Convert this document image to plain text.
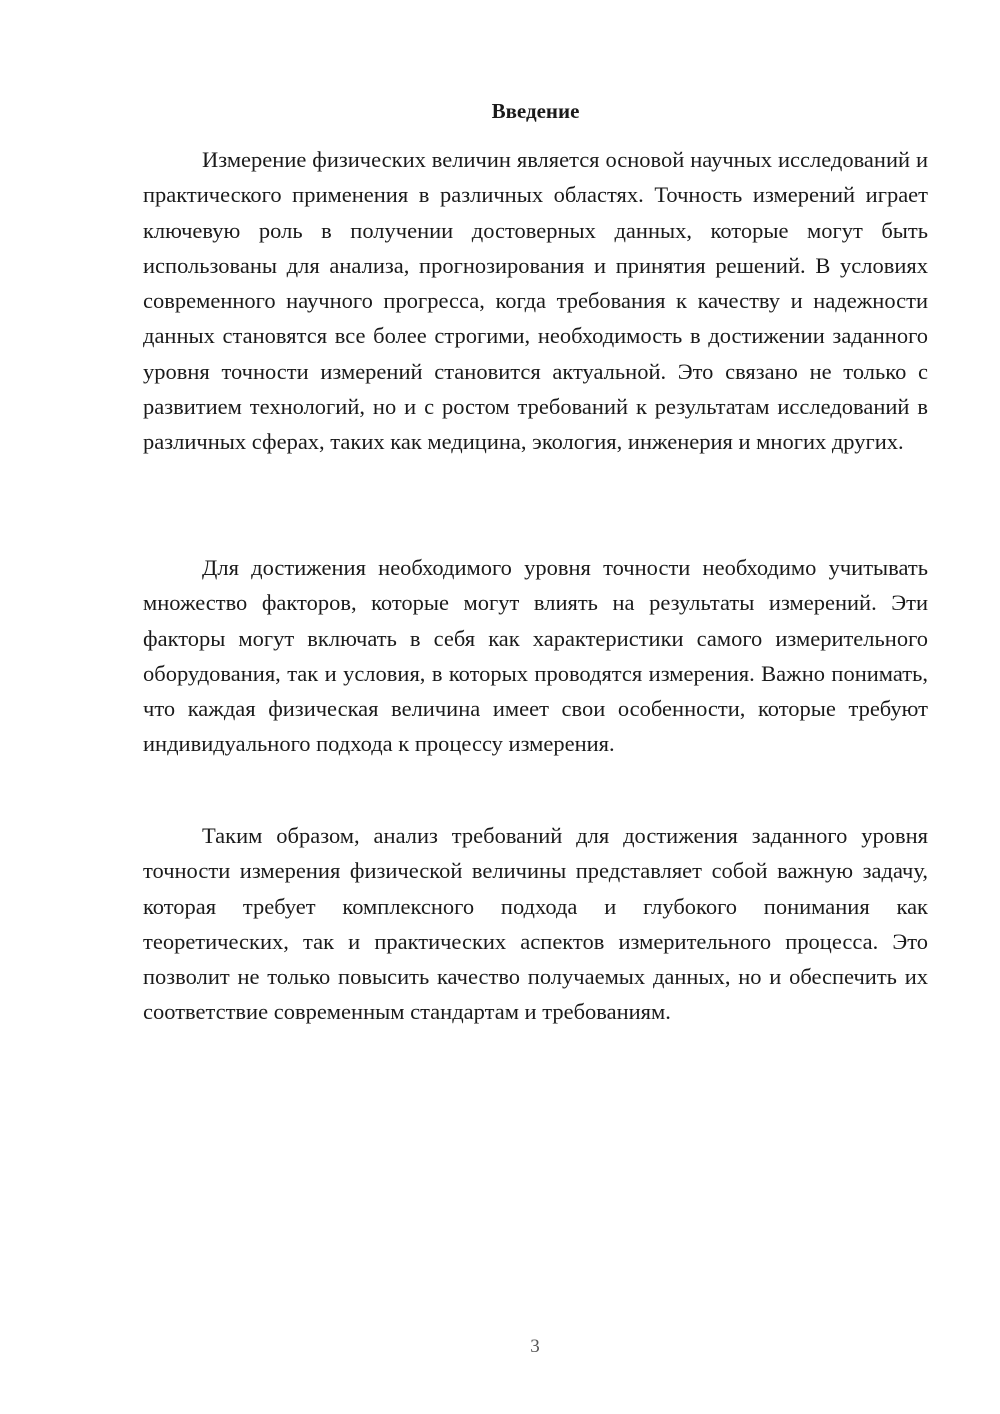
Введение

Измерение физических величин является основой научных исследований и практического применения в различных областях. Точность измерений играет ключевую роль в получении достоверных данных, которые могут быть использованы для анализа, прогнозирования и принятия решений. В условиях современного научного прогресса, когда требования к качеству и надежности данных становятся все более строгими, необходимость в достижении заданного уровня точности измерений становится актуальной. Это связано не только с развитием технологий, но и с ростом требований к результатам исследований в различных сферах, таких как медицина, экология, инженерия и многих других.

Для достижения необходимого уровня точности необходимо учитывать множество факторов, которые могут влиять на результаты измерений. Эти факторы могут включать в себя как характеристики самого измерительного оборудования, так и условия, в которых проводятся измерения. Важно понимать, что каждая физическая величина имеет свои особенности, которые требуют индивидуального подхода к процессу измерения.

Таким образом, анализ требований для достижения заданного уровня точности измерения физической величины представляет собой важную задачу, которая требует комплексного подхода и глубокого понимания как теоретических, так и практических аспектов измерительного процесса. Это позволит не только повысить качество получаемых данных, но и обеспечить их соответствие современным стандартам и требованиям.

3
